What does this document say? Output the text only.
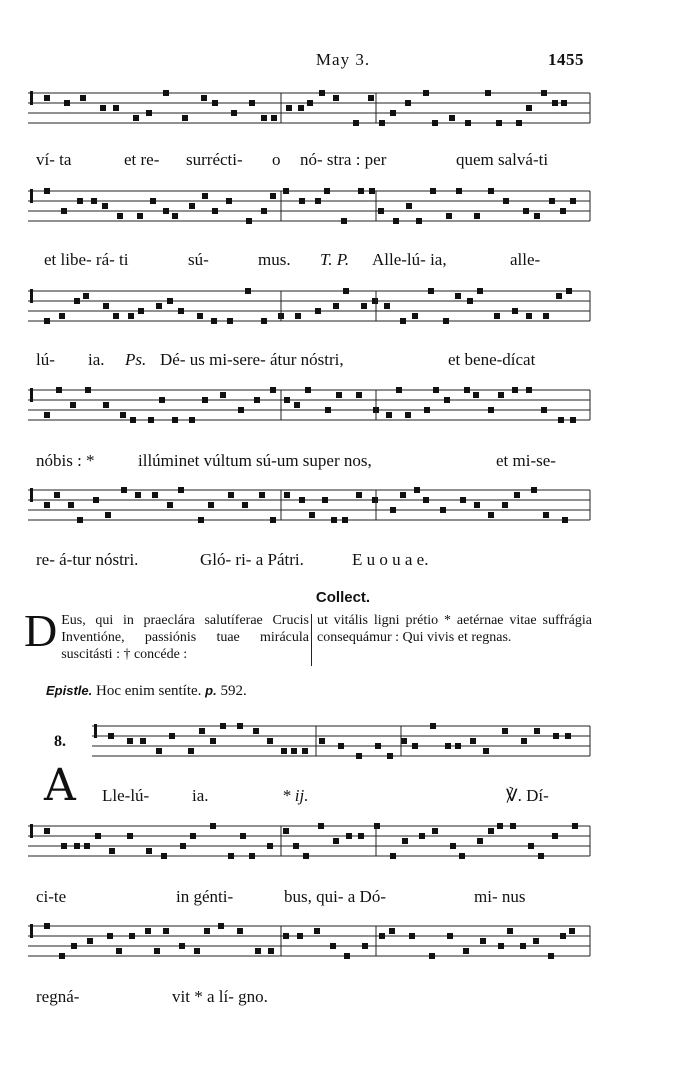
May 3.	1455
ví- ta	et re- surrécti- o nó- stra : per	quem salvá-ti
et libe- rá- ti	sú-	mus. T. P. Alle-lú- ia,	alle-
lú- ia. Ps. Dé- us mi-sere- átur nóstri,	et bene-dícat
nóbis : *	illúminet vúltum sú-um super nos,	et mi-se-
re- á-tur nóstri.	Gló- ri- a Pátri.	E u o u a e.
Lle-lú-	ia.	* ij.	℣. Dí-
ci-te	in génti-	bus, qui- a Dó-	mi- nus
regná-	vit * a lí- gno.
Collect.
D Eus, qui in praeclára salutíferae Crucis Inventióne, passiónis tuae mirácula suscitásti : † concéde :
ut vitális ligni prétio * aetérnae vitae suffrágia consequámur : Qui vivis et regnas.
Epistle. Hoc enim sentíte. p. 592.
8.
A
